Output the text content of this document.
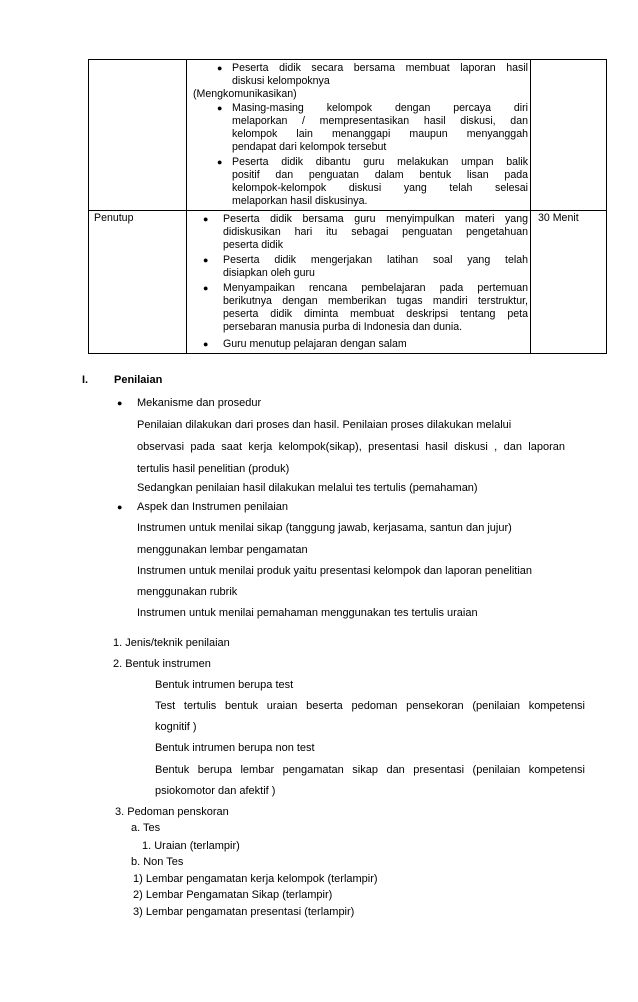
● Peserta didik secara bersama membuat laporan hasil
diskusi kelompoknya
(Mengkomunikasikan)
● Masing-masing kelompok dengan percaya diri
melaporkan / mempresentasikan hasil diskusi, dan
kelompok lain menanggapi maupun menyanggah
pendapat dari kelompok tersebut
● Peserta didik dibantu guru melakukan umpan balik
positif dan penguatan dalam bentuk lisan pada
kelompok-kelompok diskusi yang telah selesai
melaporkan hasil diskusinya.
Penutup	30 Menit
● Peserta didik bersama guru menyimpulkan materi yang
didiskusikan hari itu sebagai penguatan pengetahuan
peserta didik
● Peserta didik mengerjakan latihan soal yang telah
disiapkan oleh guru
● Menyampaikan rencana pembelajaran pada pertemuan
berikutnya dengan memberikan tugas mandiri terstruktur,
peserta didik diminta membuat deskripsi tentang peta
persebaran manusia purba di Indonesia dan dunia.
● Guru menutup pelajaran dengan salam
I. Penilaian
● Mekanisme dan prosedur
Penilaian dilakukan dari proses dan hasil. Penilaian proses dilakukan melalui
observasi pada saat kerja kelompok(sikap), presentasi hasil diskusi , dan laporan
tertulis hasil penelitian (produk)
Sedangkan penilaian hasil dilakukan melalui tes tertulis (pemahaman)
● Aspek dan Instrumen penilaian
Instrumen untuk menilai sikap (tanggung jawab, kerjasama, santun dan jujur)
menggunakan lembar pengamatan
Instrumen untuk menilai produk yaitu presentasi kelompok dan laporan penelitian
menggunakan rubrik
Instrumen untuk menilai pemahaman menggunakan tes tertulis uraian
1. Jenis/teknik penilaian
2. Bentuk instrumen
Bentuk intrumen berupa test
Test tertulis bentuk uraian beserta pedoman pensekoran (penilaian kompetensi
kognitif )
Bentuk intrumen berupa non test
Bentuk berupa lembar pengamatan sikap dan presentasi (penilaian kompetensi
psiokomotor dan afektif )
3. Pedoman penskoran
a. Tes
1. Uraian (terlampir)
b. Non Tes
1) Lembar pengamatan kerja kelompok (terlampir)
2) Lembar Pengamatan Sikap (terlampir)
3) Lembar pengamatan presentasi (terlampir)
